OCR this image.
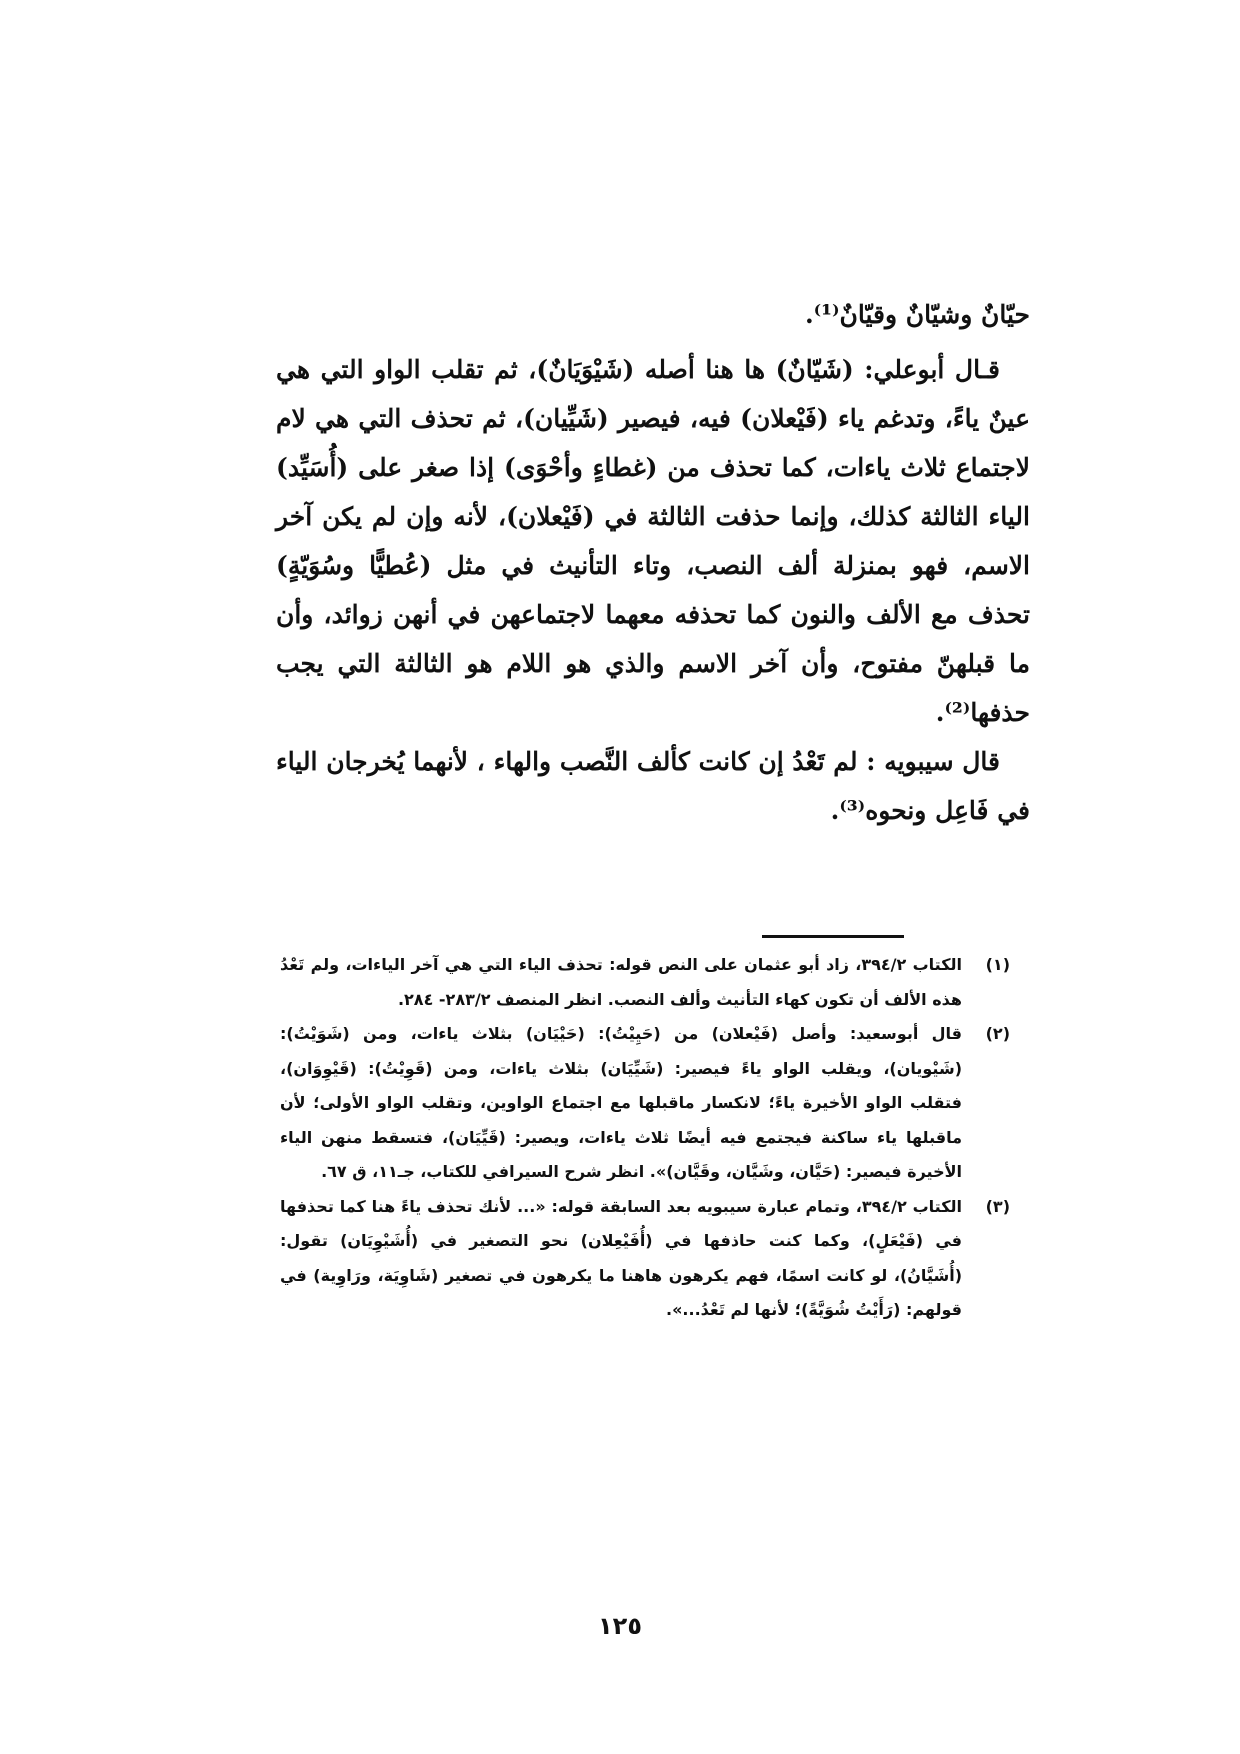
حيّانٌ وشيّانٌ وقيّانٌ⁽¹⁾.

قـال أبوعلي: (شَيّانٌ) ها هنا أصله (شَيْوَيَانٌ)، ثم تقلب الواو التي هي عينٌ ياءً، وتدغم ياء (فَيْعلان) فيه، فيصير (شَيِّيان)، ثم تحذف التي هي لام لاجتماع ثلاث ياءات، كما تحذف من (غطاءٍ وأحْوَى) إذا صغر على (أُسَيِّد) الياء الثالثة كذلك، وإنما حذفت الثالثة في (فَيْعلان)، لأنه وإن لم يكن آخر الاسم، فهو بمنزلة ألف النصب، وتاء التأنيث في مثل (عُطيًّا وسُوَيّةٍ) تحذف مع الألف والنون كما تحذفه معهما لاجتماعهن في أنهن زوائد، وأن ما قبلهنّ مفتوح، وأن آخر الاسم والذي هو اللام هو الثالثة التي يجب حذفها⁽²⁾.

قال سيبويه : لم تَعْدُ إن كانت كألف النَّصب والهاء ، لأنهما يُخرجان الياء في فَاعِل ونحوه⁽³⁾.

(١)
الكتاب ٣٩٤/٢، زاد أبو عثمان على النص قوله: تحذف الياء التي هي آخر الياءات، ولم تَعْدُ هذه الألف أن تكون كهاء التأنيث وألف النصب. انظر المنصف ٢٨٣/٢- ٢٨٤.
(٢)
قال أبوسعيد: وأصل (فَيْعلان) من (حَيِيْتُ): (حَيْيَان) بثلاث ياءات، ومن (شَوَيْتُ): (شَيْويان)، ويقلب الواو ياءً فيصير: (شَيِّيَان) بثلاث ياءات، ومن (قَوِيْتُ): (قَيْوِوَان)، فتقلب الواو الأخيرة ياءً؛ لانكسار ماقبلها مع اجتماع الواوين، وتقلب الواو الأولى؛ لأن ماقبلها ياء ساكنة فيجتمع فيه أيضًا ثلاث ياءات، ويصير: (قَيِّيَان)، فتسقط منهن الياء الأخيرة فيصير: (حَيَّان، وشَيَّان، وقَيَّان)». انظر شرح السيرافي للكتاب، جـ١١، ق ٦٧.
(٣)
الكتاب ٣٩٤/٢، وتمام عبارة سيبويه بعد السابقة قوله: «... لأنك تحذف ياءً هنا كما تحذفها في (فَيْعَلٍ)، وكما كنت حاذفها في (أُفَيْعِلان) نحو التصغير في (أُشَيْوِيَان) تقول: (أُشَيَّانُ)، لو كانت اسمًا، فهم يكرهون هاهنا ما يكرهون في تصغير (شَاوِيَة، ورَاوِية) في قولهم: (رَأَيْتُ شُوَيَّةً)؛ لأنها لم تَعْدُ...».
١٢٥
